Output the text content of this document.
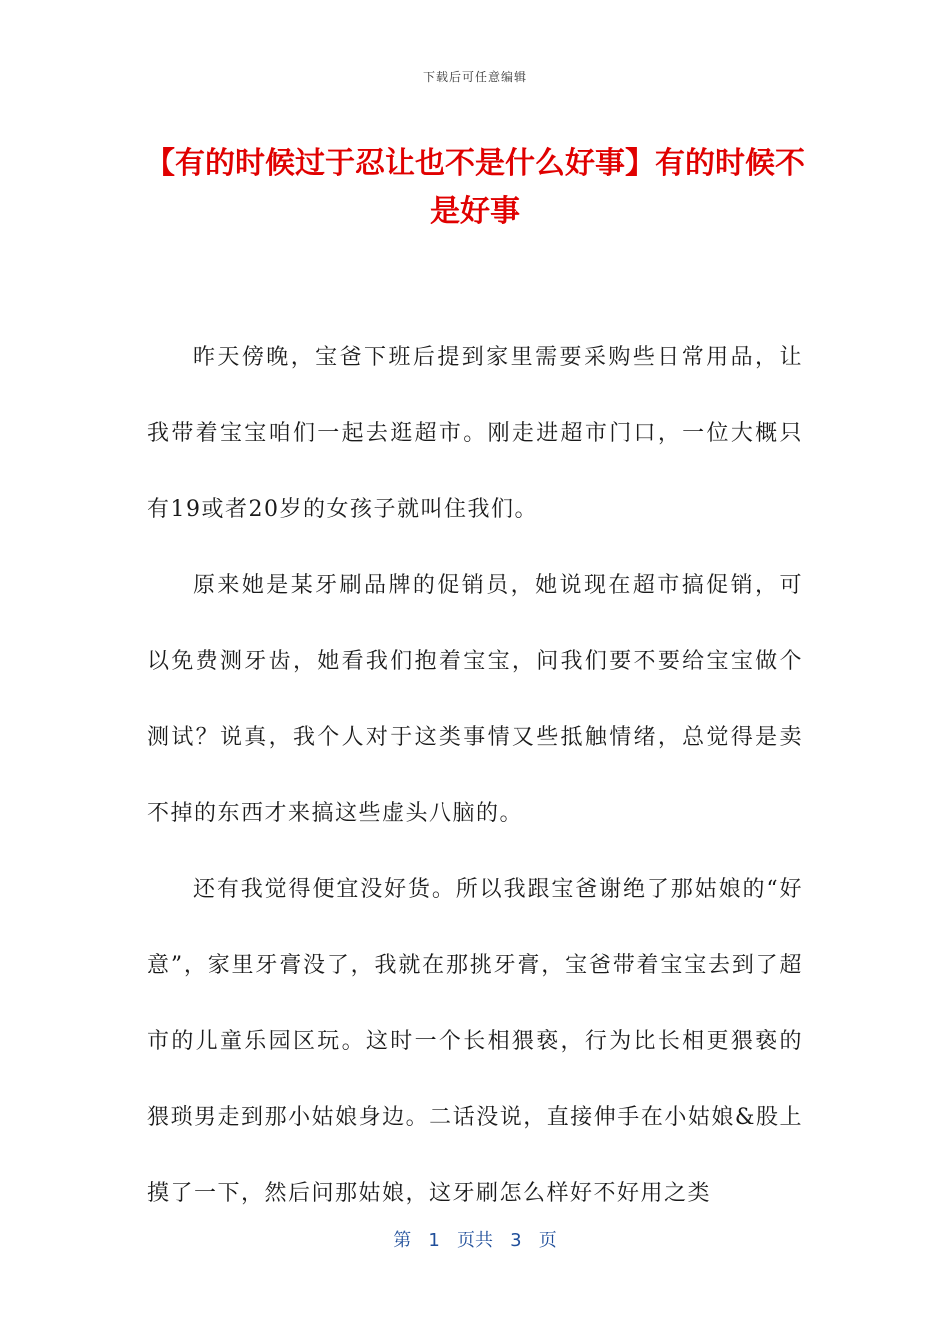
下载后可任意编辑
【有的时候过于忍让也不是什么好事】有的时候不是好事

昨天傍晚，宝爸下班后提到家里需要采购些日常用品，让我带着宝宝咱们一起去逛超市。刚走进超市门口，一位大概只有19或者20岁的女孩子就叫住我们。

原来她是某牙刷品牌的促销员，她说现在超市搞促销，可以免费测牙齿，她看我们抱着宝宝，问我们要不要给宝宝做个测试？说真，我个人对于这类事情又些抵触情绪，总觉得是卖不掉的东西才来搞这些虚头八脑的。

还有我觉得便宜没好货。所以我跟宝爸谢绝了那姑娘的“好意”，家里牙膏没了，我就在那挑牙膏，宝爸带着宝宝去到了超市的儿童乐园区玩。这时一个长相猥亵，行为比长相更猥亵的猥琐男走到那小姑娘身边。二话没说，直接伸手在小姑娘&股上摸了一下，然后问那姑娘，这牙刷怎么样好不好用之类

第 1 页共 3 页
